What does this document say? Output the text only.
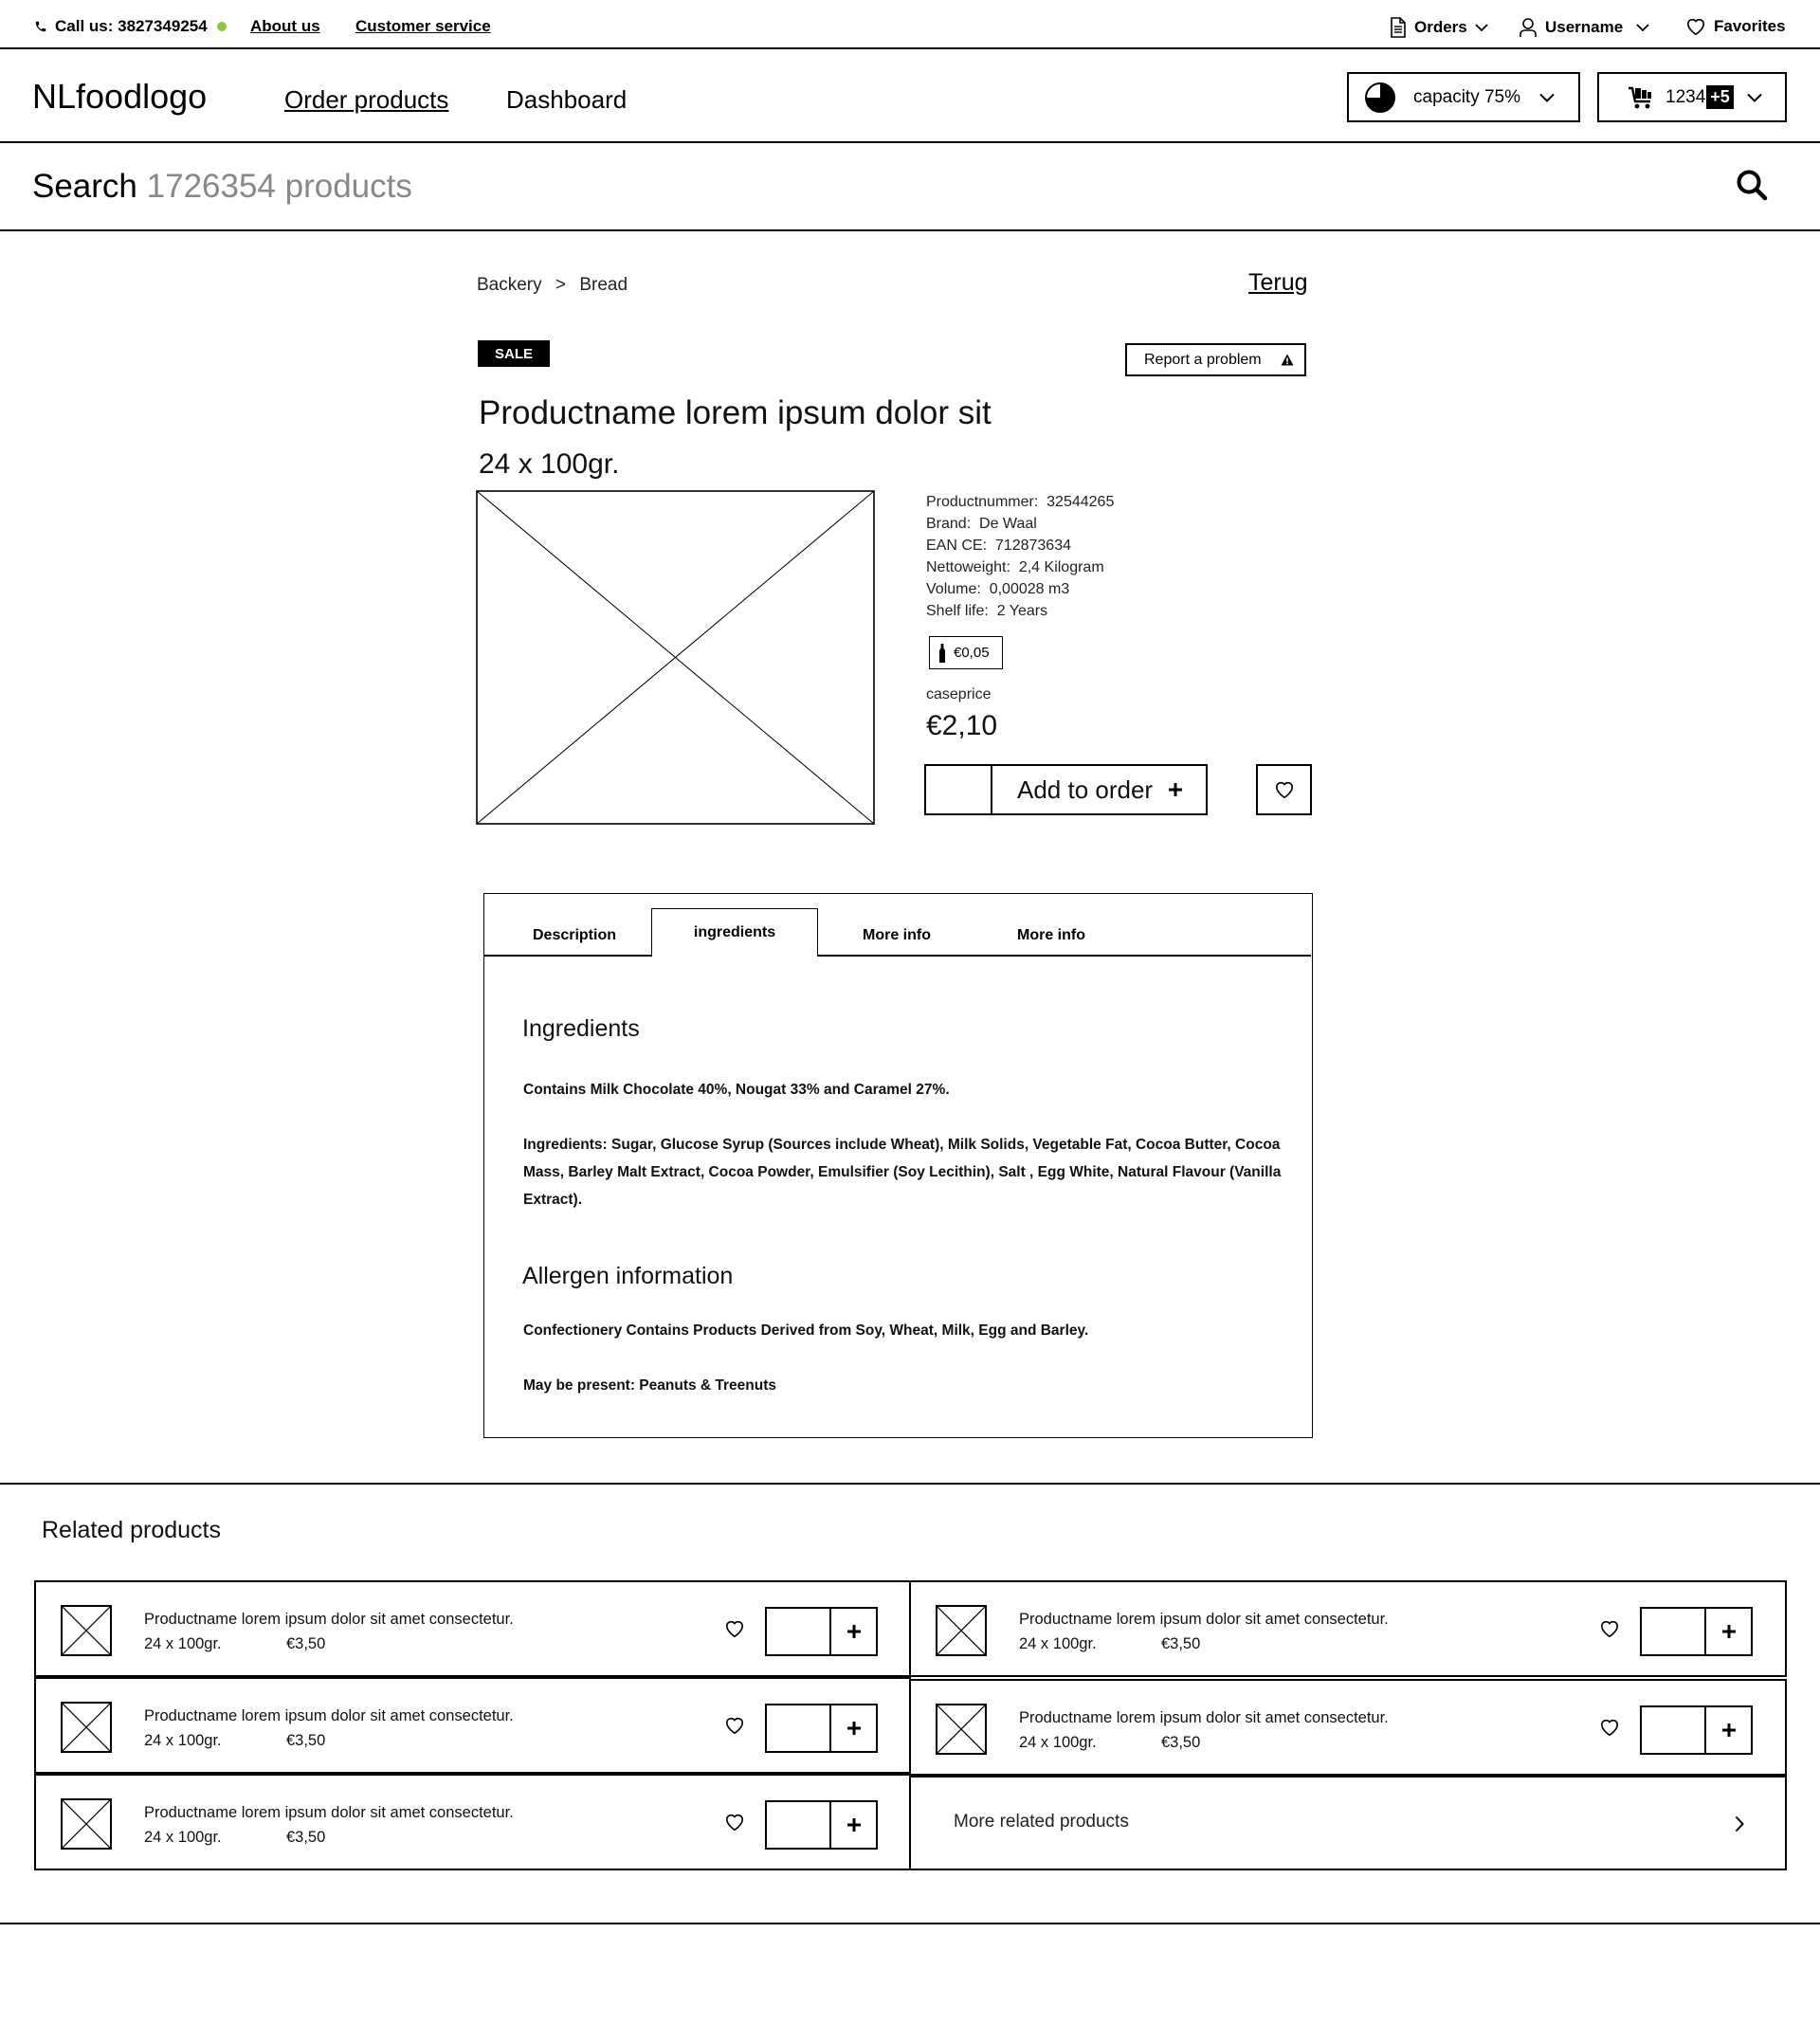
Call us: 3827349254	About us Customer service	Orders	Username	Favorites
NLfoodlogo	Order products Dashboard	capacity 75%	1234 +5
Search 1726354 products
Backery > Bread	Terug
SALE	Report a problem
Productname lorem ipsum dolor sit
24 x 100gr.
Productnummer: 32544265
Brand: De Waal
EAN CE: 712873634
Nettoweight: 2,4 Kilogram
Volume: 0,00028 m3
Shelf life: 2 Years
€0,05
caseprice
€2,10
Add to order
Description	ingredients	More info	More info
Ingredients
Contains Milk Chocolate 40%, Nougat 33% and Caramel 27%.
Ingredients: Sugar, Glucose Syrup (Sources include Wheat), Milk Solids, Vegetable Fat, Cocoa Butter, Cocoa
Mass, Barley Malt Extract, Cocoa Powder, Emulsifier (Soy Lecithin), Salt , Egg White, Natural Flavour (Vanilla
Extract).
Allergen information
Confectionery Contains Products Derived from Soy, Wheat, Milk, Egg and Barley.
May be present: Peanuts & Treenuts
Related products
Productname lorem ipsum dolor sit amet consectetur.
24 x 100gr.	€3,50
Productname lorem ipsum dolor sit amet consectetur.
24 x 100gr.	€3,50
Productname lorem ipsum dolor sit amet consectetur.
24 x 100gr.	€3,50
Productname lorem ipsum dolor sit amet consectetur.
24 x 100gr.	€3,50
Productname lorem ipsum dolor sit amet consectetur.
24 x 100gr.	€3,50
More related products
